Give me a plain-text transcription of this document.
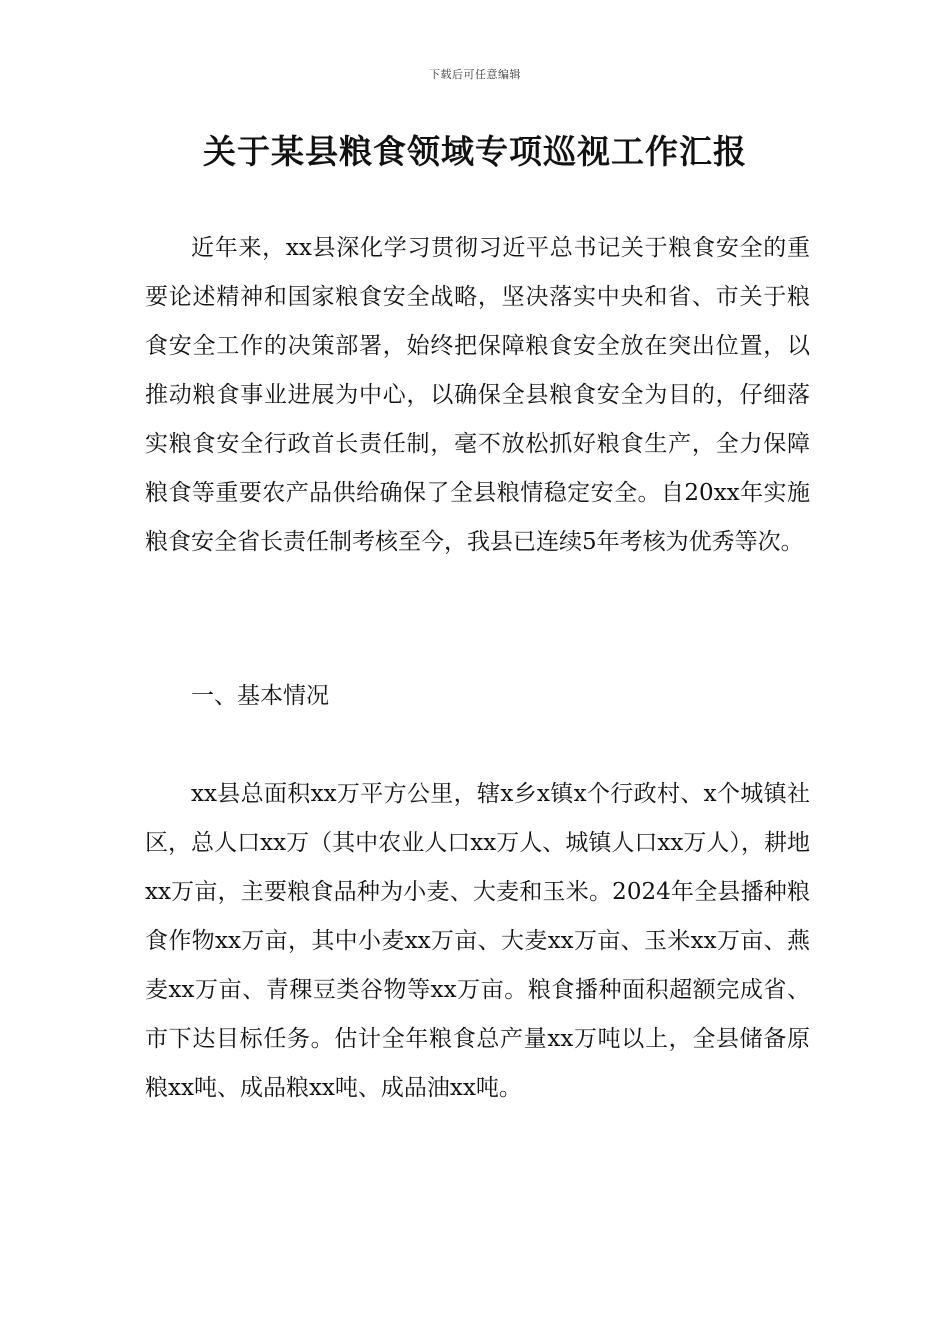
下载后可任意编辑
关于某县粮食领域专项巡视工作汇报

近年来，xx县深化学习贯彻习近平总书记关于粮食安全的重要论述精神和国家粮食安全战略，坚决落实中央和省、市关于粮食安全工作的决策部署，始终把保障粮食安全放在突出位置，以推动粮食事业进展为中心，以确保全县粮食安全为目的，仔细落实粮食安全行政首长责任制，毫不放松抓好粮食生产，全力保障粮食等重要农产品供给确保了全县粮情稳定安全。自20xx年实施粮食安全省长责任制考核至今，我县已连续5年考核为优秀等次。

一、基本情况

xx县总面积xx万平方公里，辖x乡x镇x个行政村、x个城镇社区，总人口xx万（其中农业人口xx万人、城镇人口xx万人），耕地xx万亩，主要粮食品种为小麦、大麦和玉米。2024年全县播种粮食作物xx万亩，其中小麦xx万亩、大麦xx万亩、玉米xx万亩、燕麦xx万亩、青稞豆类谷物等xx万亩。粮食播种面积超额完成省、市下达目标任务。估计全年粮食总产量xx万吨以上，全县储备原粮xx吨、成品粮xx吨、成品油xx吨。
